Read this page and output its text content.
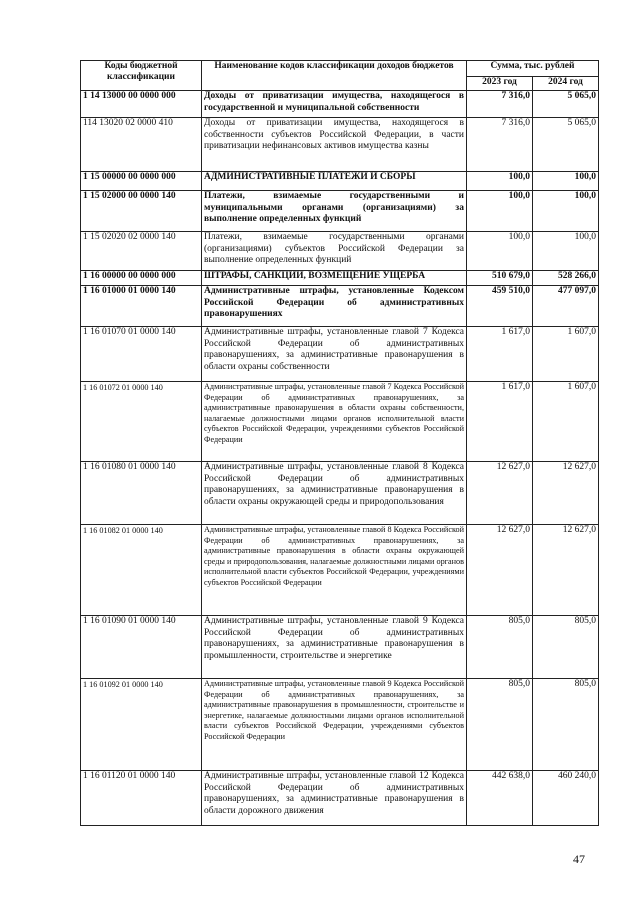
Коды бюджетной классификации	Наименование кодов классификации доходов бюджетов	Сумма, тыс. рублей	
		2023 год	2024 год
1 14 13000 00 0000 000	Доходы от приватизации имущества, находящегося в государственной и муниципальной собственности	7 316,0	5 065,0
114 13020 02 0000 410	Доходы от приватизации имущества, находящегося в собственности субъектов Российской Федерации, в части приватизации нефинансовых активов имущества казны	7 316,0	5 065,0
1 15 00000 00 0000 000	АДМИНИСТРАТИВНЫЕ ПЛАТЕЖИ И СБОРЫ	100,0	100,0
1 15 02000 00 0000 140	Платежи, взимаемые государственными и муниципальными органами (организациями) за выполнение определенных функций	100,0	100,0
1 15 02020 02 0000 140	Платежи, взимаемые государственными органами (организациями) субъектов Российской Федерации за выполнение определенных функций	100,0	100,0
1 16 00000 00 0000 000	ШТРАФЫ, САНКЦИИ, ВОЗМЕЩЕНИЕ УЩЕРБА	510 679,0	528 266,0
1 16 01000 01 0000 140	Административные штрафы, установленные Кодексом Российской Федерации об административных правонарушениях	459 510,0	477 097,0
1 16 01070 01 0000 140	Административные штрафы, установленные главой 7 Кодекса Российской Федерации об административных правонарушениях, за административные правонарушения в области охраны собственности	1 617,0	1 607,0
1 16 01072 01 0000 140	Административные штрафы, установленные главой 7 Кодекса Российской Федерации об административных правонарушениях, за административные правонарушения в области охраны собственности, налагаемые должностными лицами органов исполнительной власти субъектов Российской Федерации, учреждениями субъектов Российской Федерации	1 617,0	1 607,0
1 16 01080 01 0000 140	Административные штрафы, установленные главой 8 Кодекса Российской Федерации об административных правонарушениях, за административные правонарушения в области охраны окружающей среды и природопользования	12 627,0	12 627,0
1 16 01082 01 0000 140	Административные штрафы, установленные главой 8 Кодекса Российской Федерации об административных правонарушениях, за административные правонарушения в области охраны окружающей среды и природопользования, налагаемые должностными лицами органов исполнительной власти субъектов Российской Федерации, учреждениями субъектов Российской Федерации	12 627,0	12 627,0
1 16 01090 01 0000 140	Административные штрафы, установленные главой 9 Кодекса Российской Федерации об административных правонарушениях, за административные правонарушения в промышленности, строительстве и энергетике	805,0	805,0
1 16 01092 01 0000 140	Административные штрафы, установленные главой 9 Кодекса Российской Федерации об административных правонарушениях, за административные правонарушения в промышленности, строительстве и энергетике, налагаемые должностными лицами органов исполнительной власти субъектов Российской Федерации, учреждениями субъектов Российской Федерации	805,0	805,0
1 16 01120 01 0000 140	Административные штрафы, установленные главой 12 Кодекса Российской Федерации об административных правонарушениях, за административные правонарушения в области дорожного движения	442 638,0	460 240,0
47
